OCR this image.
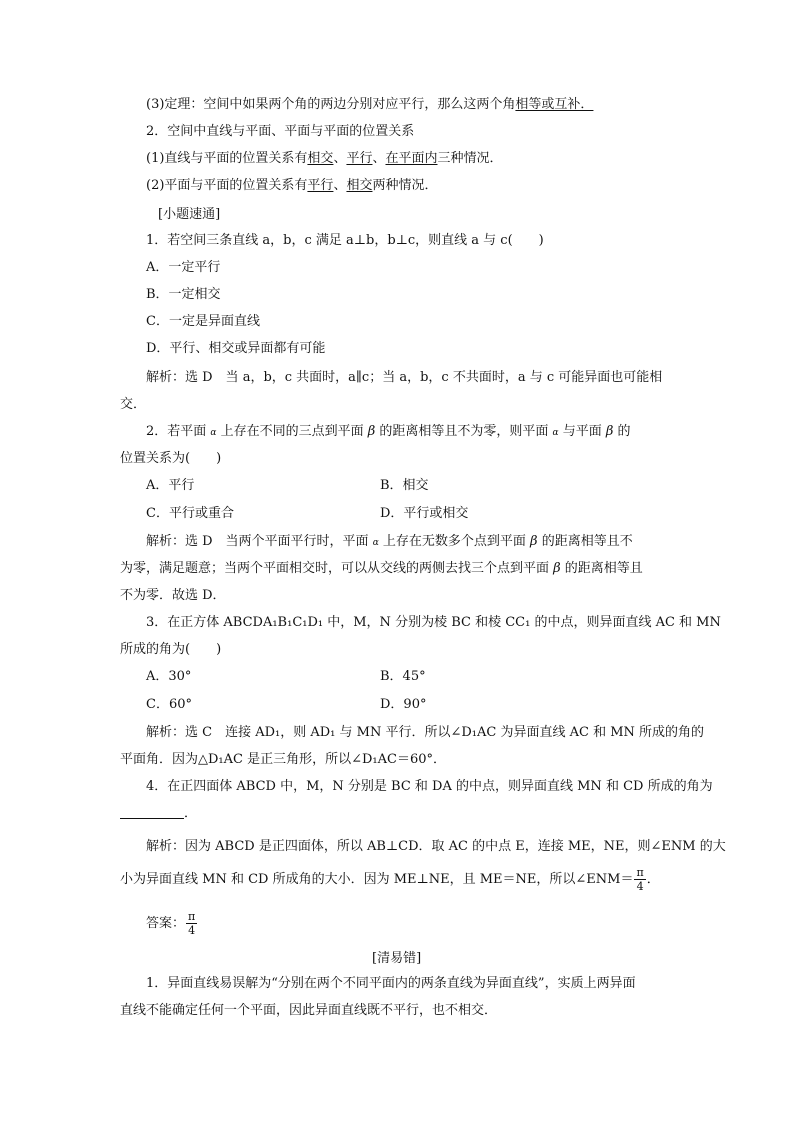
(3)定理：空间中如果两个角的两边分别对应平行，那么这两个角相等或互补．
2．空间中直线与平面、平面与平面的位置关系
(1)直线与平面的位置关系有相交、平行、在平面内三种情况．
(2)平面与平面的位置关系有平行、相交两种情况．
[小题速通]
1．若空间三条直线 a，b，c 满足 a⊥b，b⊥c，则直线 a 与 c(　　)
A．一定平行
B．一定相交
C．一定是异面直线
D．平行、相交或异面都有可能
解析：选 D　当 a，b，c 共面时，a∥c；当 a，b，c 不共面时，a 与 c 可能异面也可能相
交．
2．若平面 α 上存在不同的三点到平面 β 的距离相等且不为零，则平面 α 与平面 β 的
位置关系为(　　)
A．平行	B．相交
C．平行或重合	D．平行或相交
解析：选 D　当两个平面平行时，平面 α 上存在无数多个点到平面 β 的距离相等且不
为零，满足题意；当两个平面相交时，可以从交线的两侧去找三个点到平面 β 的距离相等且
不为零．故选 D．
3．在正方体 ABCDA₁B₁C₁D₁ 中，M，N 分别为棱 BC 和棱 CC₁ 的中点，则异面直线 AC 和 MN
所成的角为(　　)
A．30°	B．45°
C．60°	D．90°
解析：选 C　连接 AD₁，则 AD₁ 与 MN 平行．所以∠D₁AC 为异面直线 AC 和 MN 所成的角的
平面角．因为△D₁AC 是正三角形，所以∠D₁AC＝60°．
4．在正四面体 ABCD 中，M，N 分别是 BC 和 DA 的中点，则异面直线 MN 和 CD 所成的角为
．
解析：因为 ABCD 是正四面体，所以 AB⊥CD．取 AC 的中点 E，连接 ME，NE，则∠ENM 的大
小为异面直线 MN 和 CD 所成角的大小．因为 ME⊥NE，且 ME＝NE，所以∠ENM＝ $\frac{\pi}{4}$ ．
答案： $\frac{\pi}{4}$
[清易错]
1．异面直线易误解为“分别在两个不同平面内的两条直线为异面直线”，实质上两异面
直线不能确定任何一个平面，因此异面直线既不平行，也不相交．
